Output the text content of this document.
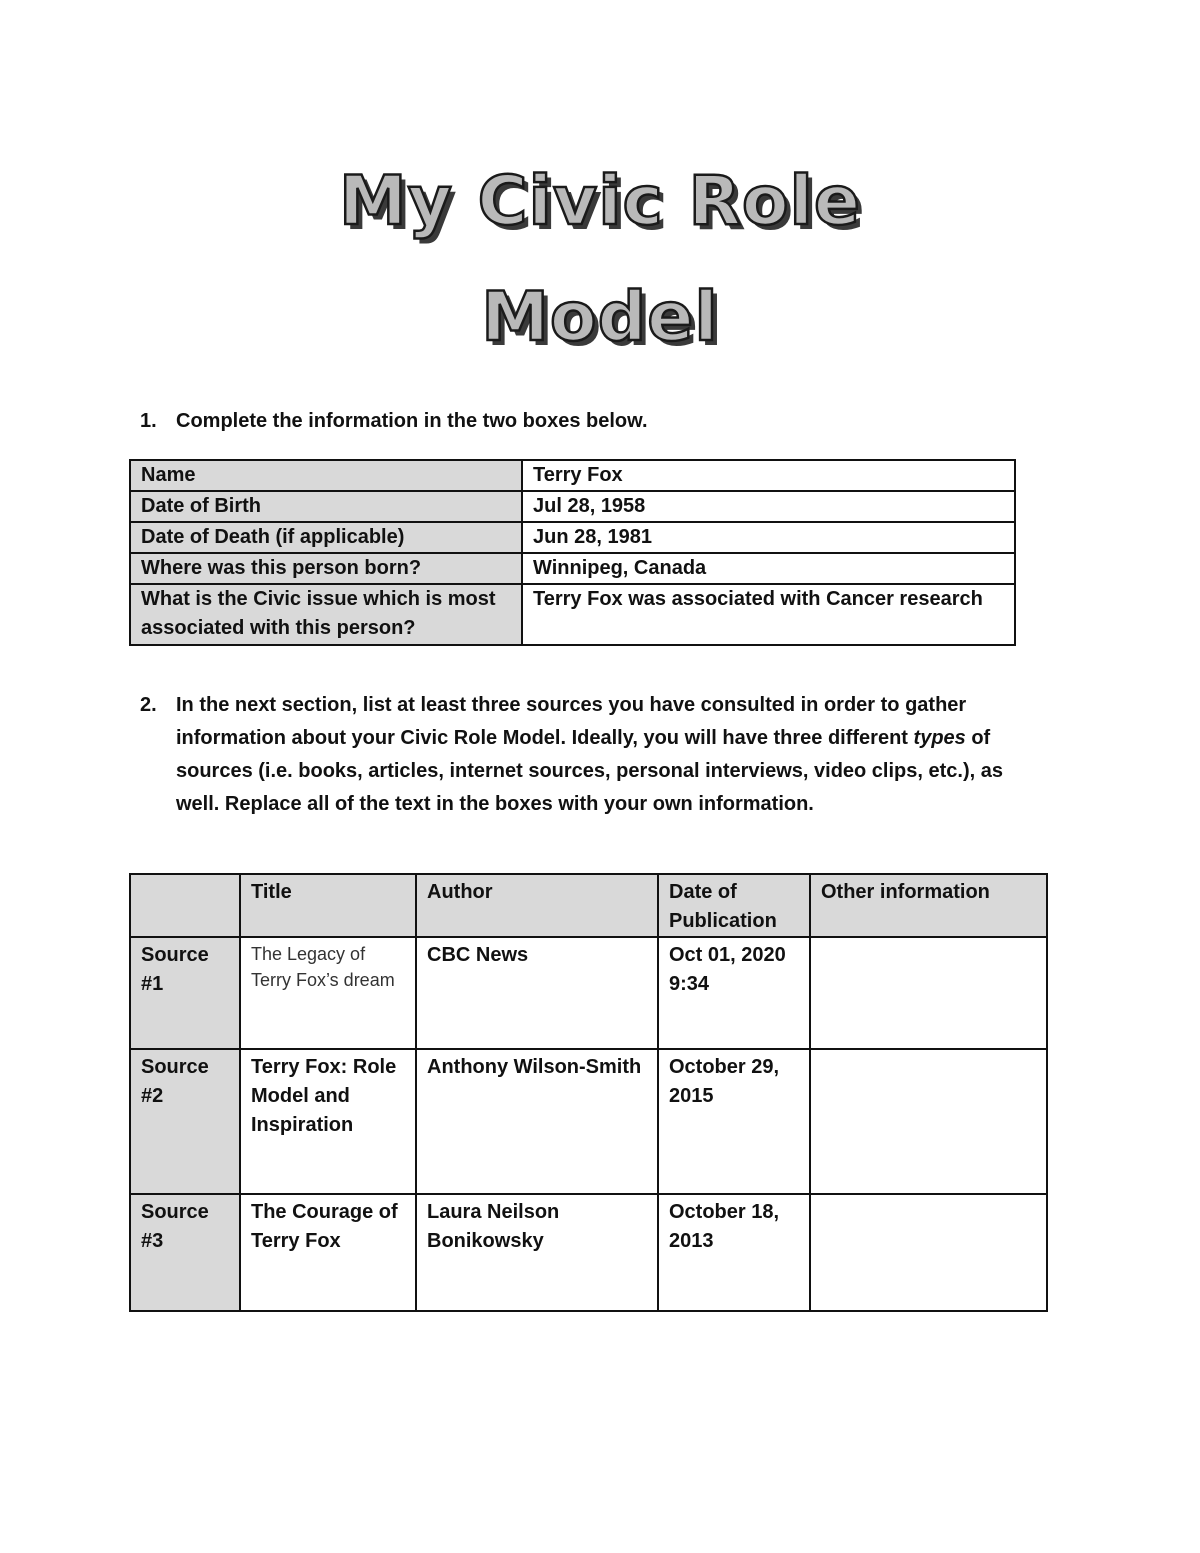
My Civic Role
Model
1. Complete the information in the two boxes below.
Name	Terry Fox
Date of Birth	Jul 28, 1958
Date of Death (if applicable)	Jun 28, 1981
Where was this person born?	Winnipeg, Canada
What is the Civic issue which is most associated with this person?	Terry Fox was associated with Cancer research
2. In the next section, list at least three sources you have consulted in order to gather information about your Civic Role Model. Ideally, you will have three different types of sources (i.e. books, articles, internet sources, personal interviews, video clips, etc.), as well. Replace all of the text in the boxes with your own information.
	Title	Author	Date of Publication	Other information
Source #1	The Legacy of Terry Fox’s dream	CBC News	Oct 01, 2020 9:34	
Source #2	Terry Fox: Role Model and Inspiration	Anthony Wilson-Smith	October 29, 2015	
Source #3	The Courage of Terry Fox	Laura Neilson Bonikowsky	October 18, 2013	
